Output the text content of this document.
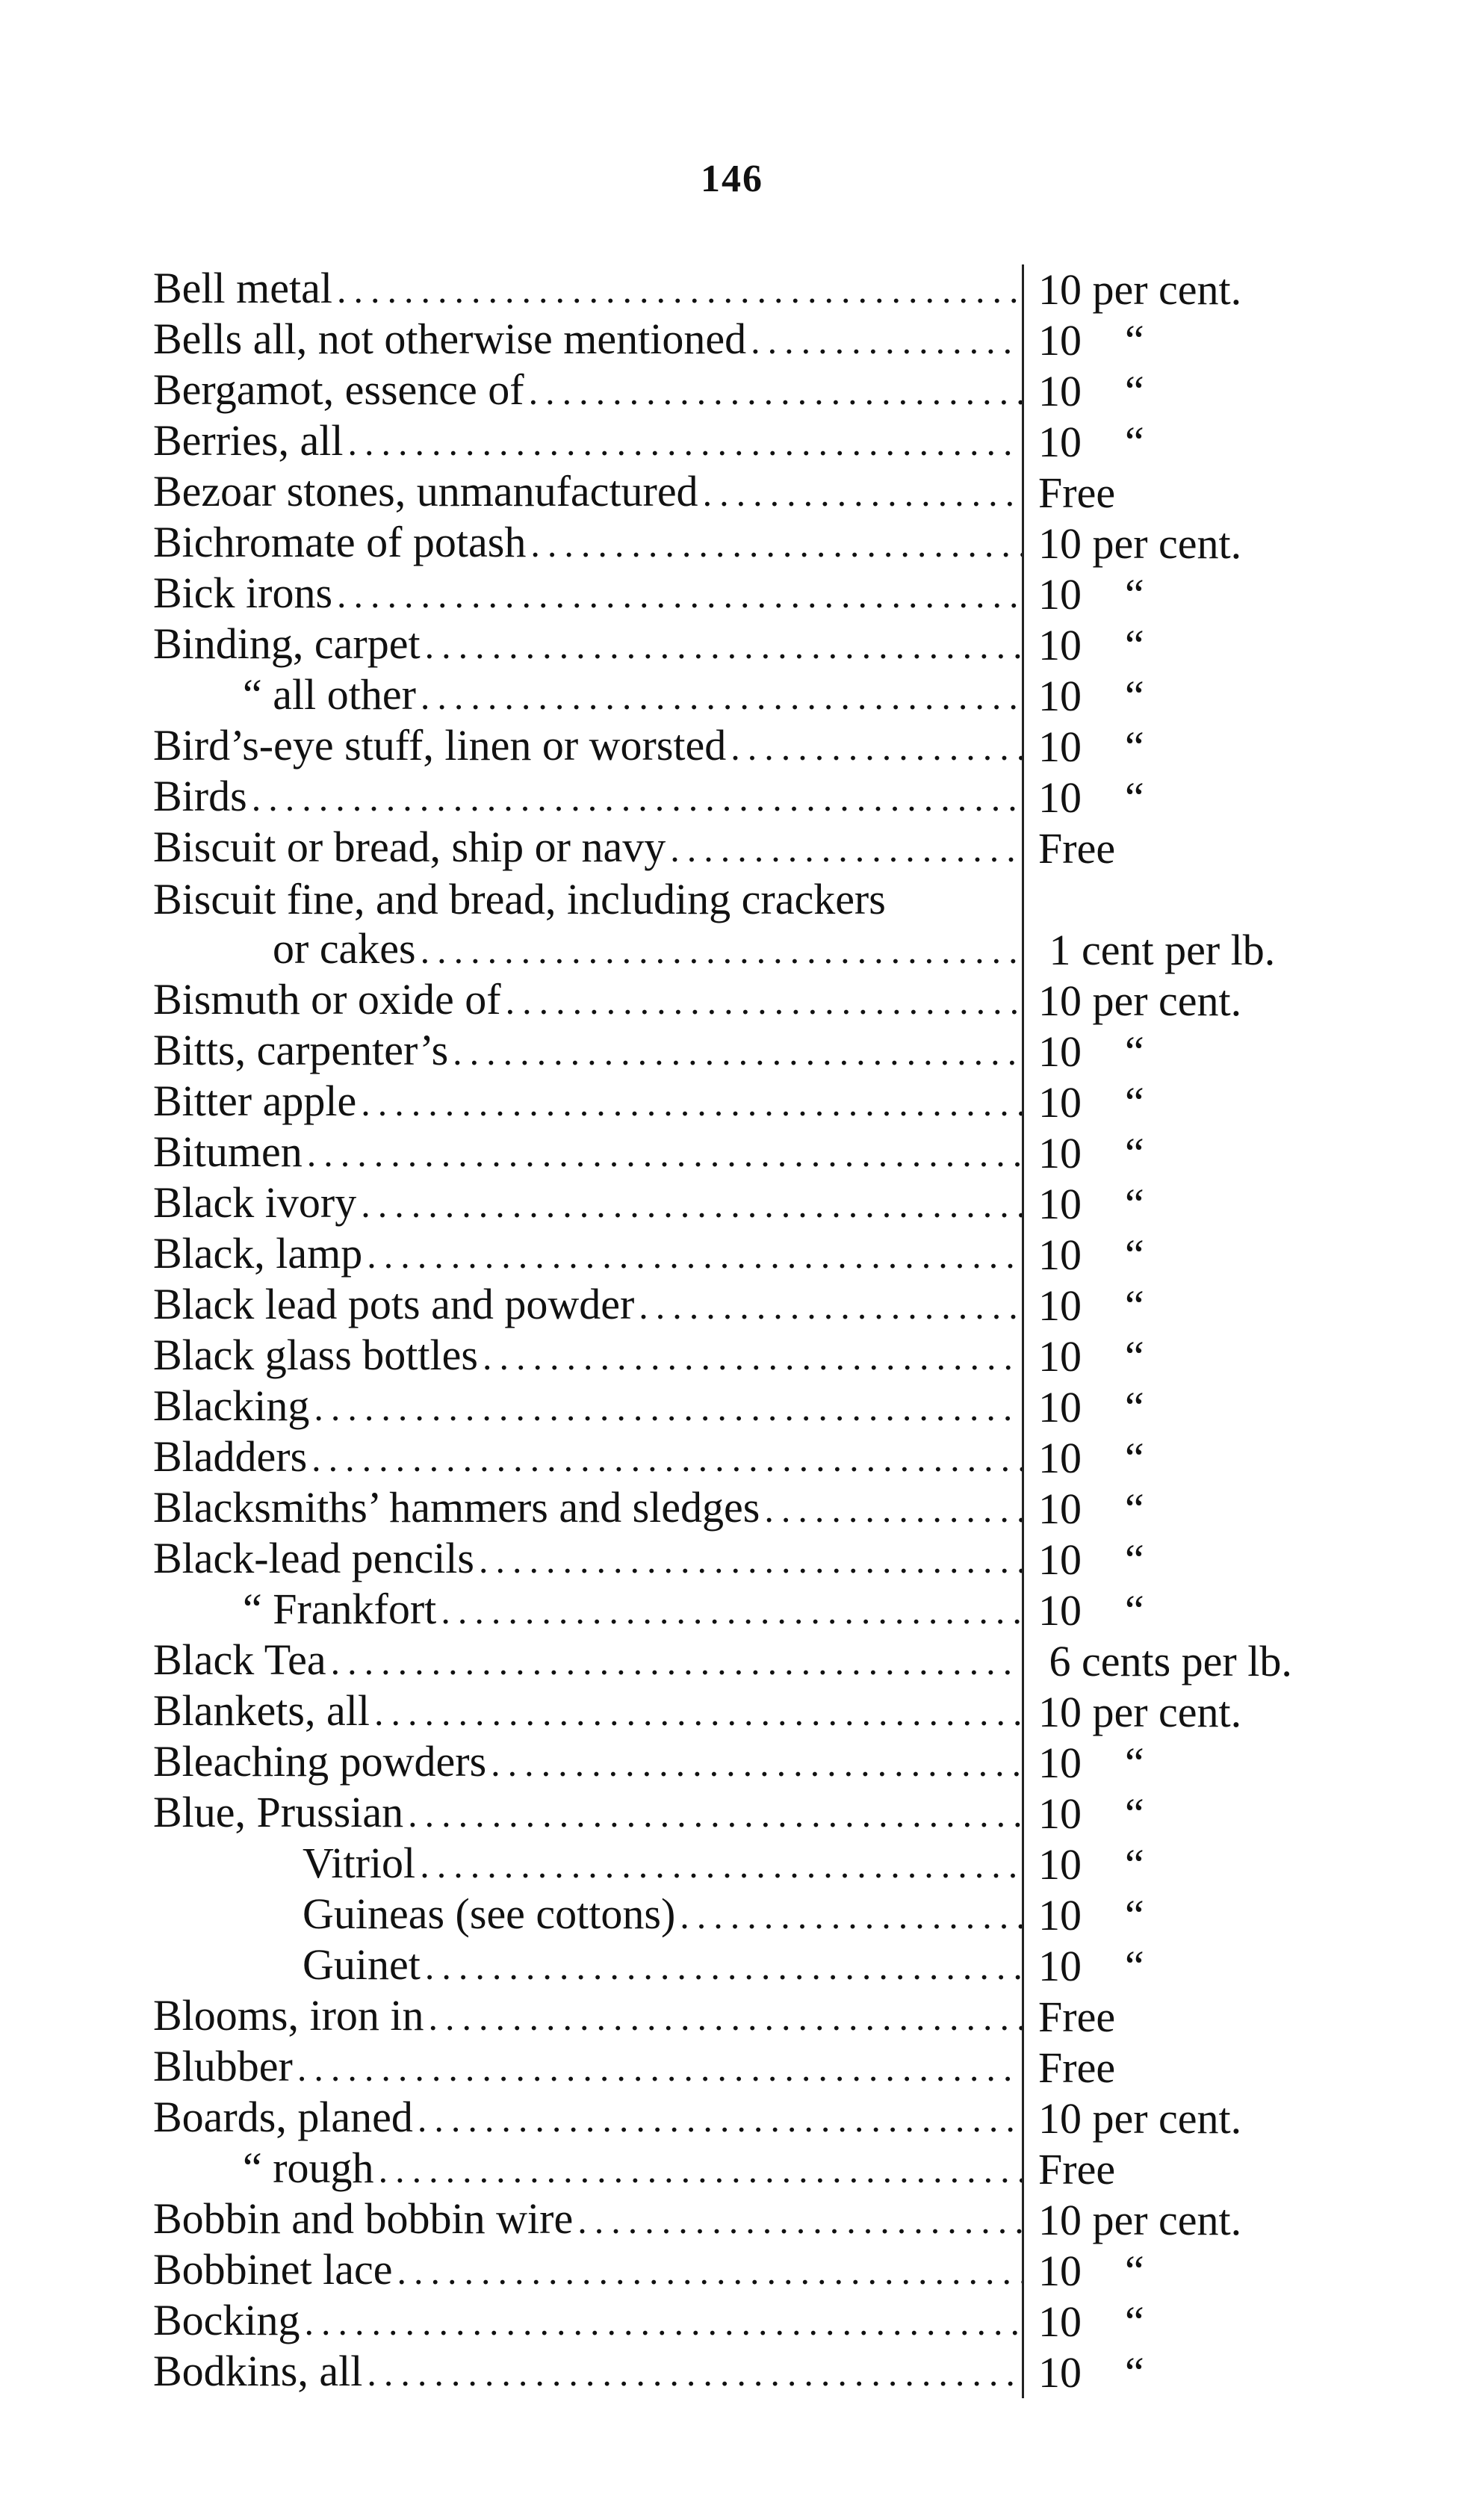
146
Bell metal .....	10 per cent.
Bells all, not otherwise mentioned .....	10    “
Bergamot, essence of .....	10    “
Berries, all .....	10    “
Bezoar stones, unmanufactured .....	Free
Bichromate of potash .....	10 per cent.
Bick irons .....	10    “
Binding, carpet .....	10    “
“ all other .....	10    “
Bird’s-eye stuff, linen or worsted .....	10    “
Birds .....	10    “
Biscuit or bread, ship or navy .....	Free
Biscuit fine, and bread, including crackers
or cakes .....	1 cent per lb.
Bismuth or oxide of .....	10 per cent.
Bitts, carpenter’s .....	10    “
Bitter apple .....	10    “
Bitumen .....	10    “
Black ivory .....	10    “
Black, lamp .....	10    “
Black lead pots and powder .....	10    “
Black glass bottles .....	10    “
Blacking .....	10    “
Bladders .....	10    “
Blacksmiths’ hammers and sledges .....	10    “
Black-lead pencils .....	10    “
“ Frankfort .....	10    “
Black Tea .....	6 cents per lb.
Blankets, all .....	10 per cent.
Bleaching powders .....	10    “
Blue, Prussian .....	10    “
Vitriol .....	10    “
Guineas (see cottons) .....	10    “
Guinet .....	10    “
Blooms, iron in .....	Free
Blubber .....	Free
Boards, planed .....	10 per cent.
“ rough .....	Free
Bobbin and bobbin wire .....	10 per cent.
Bobbinet lace .....	10    “
Bocking .....	10    “
Bodkins, all .....	10    “
